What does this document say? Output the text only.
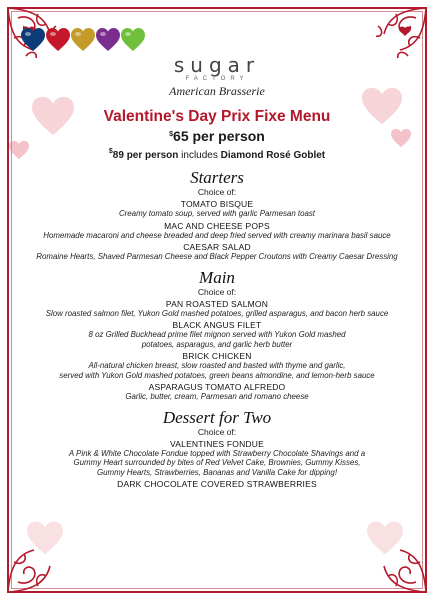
sugar
FACTORY
American Brasserie
Valentine's Day Prix Fixe Menu
$65 per person
$89 per person includes Diamond Rosé Goblet
Starters
Choice of:
TOMATO BISQUE
Creamy tomato soup, served with garlic Parmesan toast
MAC AND CHEESE POPS
Homemade macaroni and cheese breaded and deep fried served with creamy marinara basil sauce
CAESAR SALAD
Romaine Hearts, Shaved Parmesan Cheese and Black Pepper Croutons with Creamy Caesar Dressing
Main
Choice of:
PAN ROASTED SALMON
Slow roasted salmon filet, Yukon Gold mashed potatoes, grilled asparagus, and bacon herb sauce
BLACK ANGUS FILET
8 oz Grilled Buckhead prime filet mignon served with Yukon Gold mashed
potatoes, asparagus, and garlic herb butter
BRICK CHICKEN
All-natural chicken breast, slow roasted and basted with thyme and garlic,
served with Yukon Gold mashed potatoes, green beans almondine, and lemon-herb sauce
ASPARAGUS TOMATO ALFREDO
Garlic, butter, cream, Parmesan and romano cheese
Dessert for Two
Choice of:
VALENTINES FONDUE
A Pink & White Chocolate Fondue topped with Strawberry Chocolate Shavings and a
Gummy Heart surrounded by bites of Red Velvet Cake, Brownies, Gummy Kisses,
Gummy Hearts, Strawberries, Bananas and Vanilla Cake for dipping!
DARK CHOCOLATE COVERED STRAWBERRIES
